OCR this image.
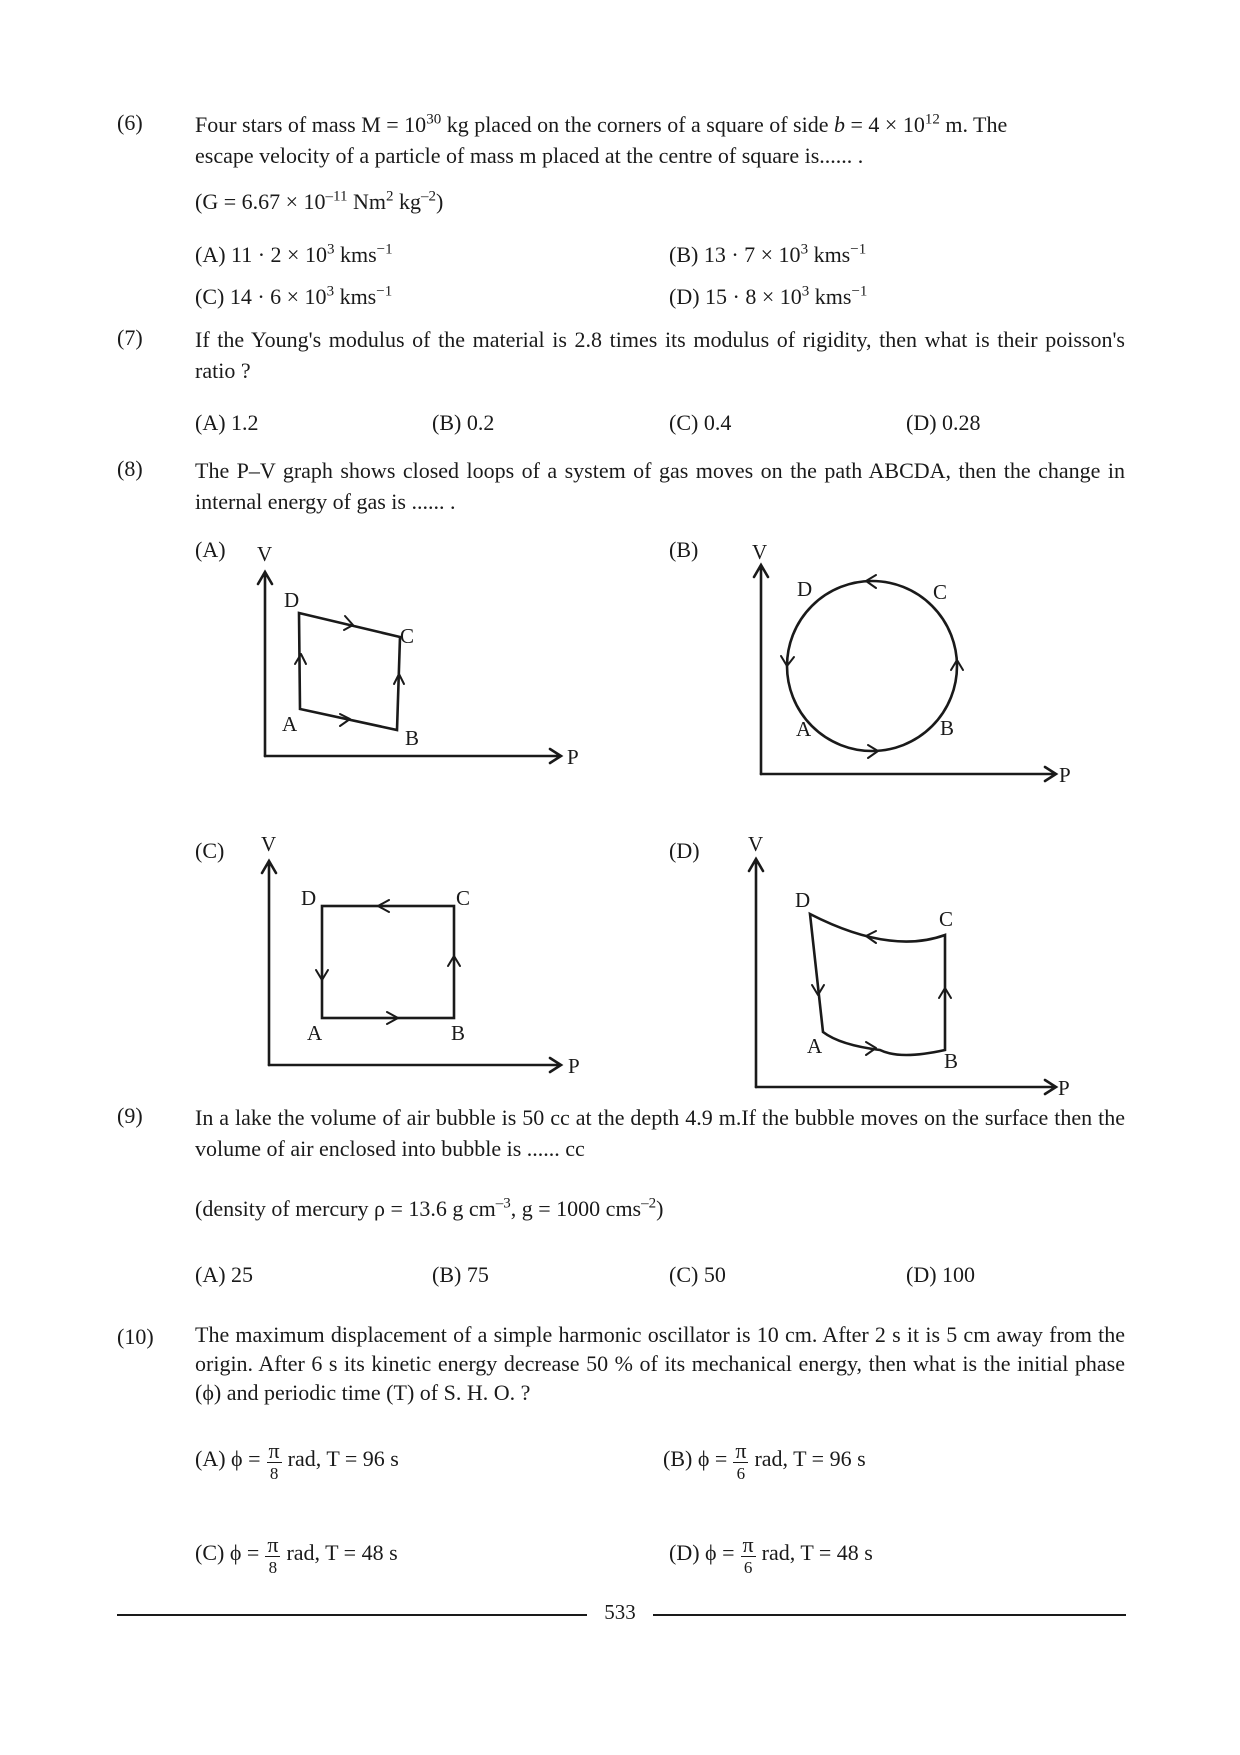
(6) Four stars of mass $M = 10^{30}$ kg placed on the corners of a square of side $b = 4 \times 10^{12}$ m. The
escape velocity of a particle of mass m placed at the centre of square is...... .
($G = 6.67 \times 10^{-11}$ Nm$^2$ $kg^{-2}$)
(A) $11 \cdot 2 \times 10^3$ kms$^{-1}$	(B) $13 \cdot 7 \times 10^3$ kms$^{-1}$
(C) $14 \cdot 6 \times 10^3$ kms$^{-1}$	(D) $15 \cdot 8 \times 10^3$ kms$^{-1}$
(7) If the Young's modulus of the material is 2.8 times its modulus of rigidity, then what is their poisson's ratio ?
(A) 1.2	(B) 0.2	(C) 0.4	(D) 0.28
(8) The P–V graph shows closed loops of a system of gas moves on the path ABCDA, then the change in internal energy of gas is ...... .
(A)	(B)
(C)	(D)
V
P
A
B
C
D
V
P
A	B
C
D
V
P
A	B
C
D
V
P
A
B
C
D
(9) In a lake the volume of air bubble is 50 cc at the depth 4.9 m.If the bubble moves on the surface then the volume of air enclosed into bubble is ...... cc
(density of mercury ρ = 13.6 g $cm^{-3}$, g = 1000 cms$^{-2}$)
(A) 25	(B) 75	(C) 50	(D) 100
(10) The maximum displacement of a simple harmonic oscillator is 10 cm. After 2 s it is 5 cm away from the origin. After 6 s its kinetic energy decrease 50 % of its mechanical energy, then what is the initial phase (ϕ) and periodic time (T) of S. H. O. ?
(A) $\phi = \frac{\pi}{8}$ rad, T = 96 s	(B) $\phi = \frac{\pi}{6}$ rad, T = 96 s
(C) $\phi = \frac{\pi}{8}$ rad, T = 48 s	(D) $\phi = \frac{\pi}{6}$ rad, T = 48 s
533
